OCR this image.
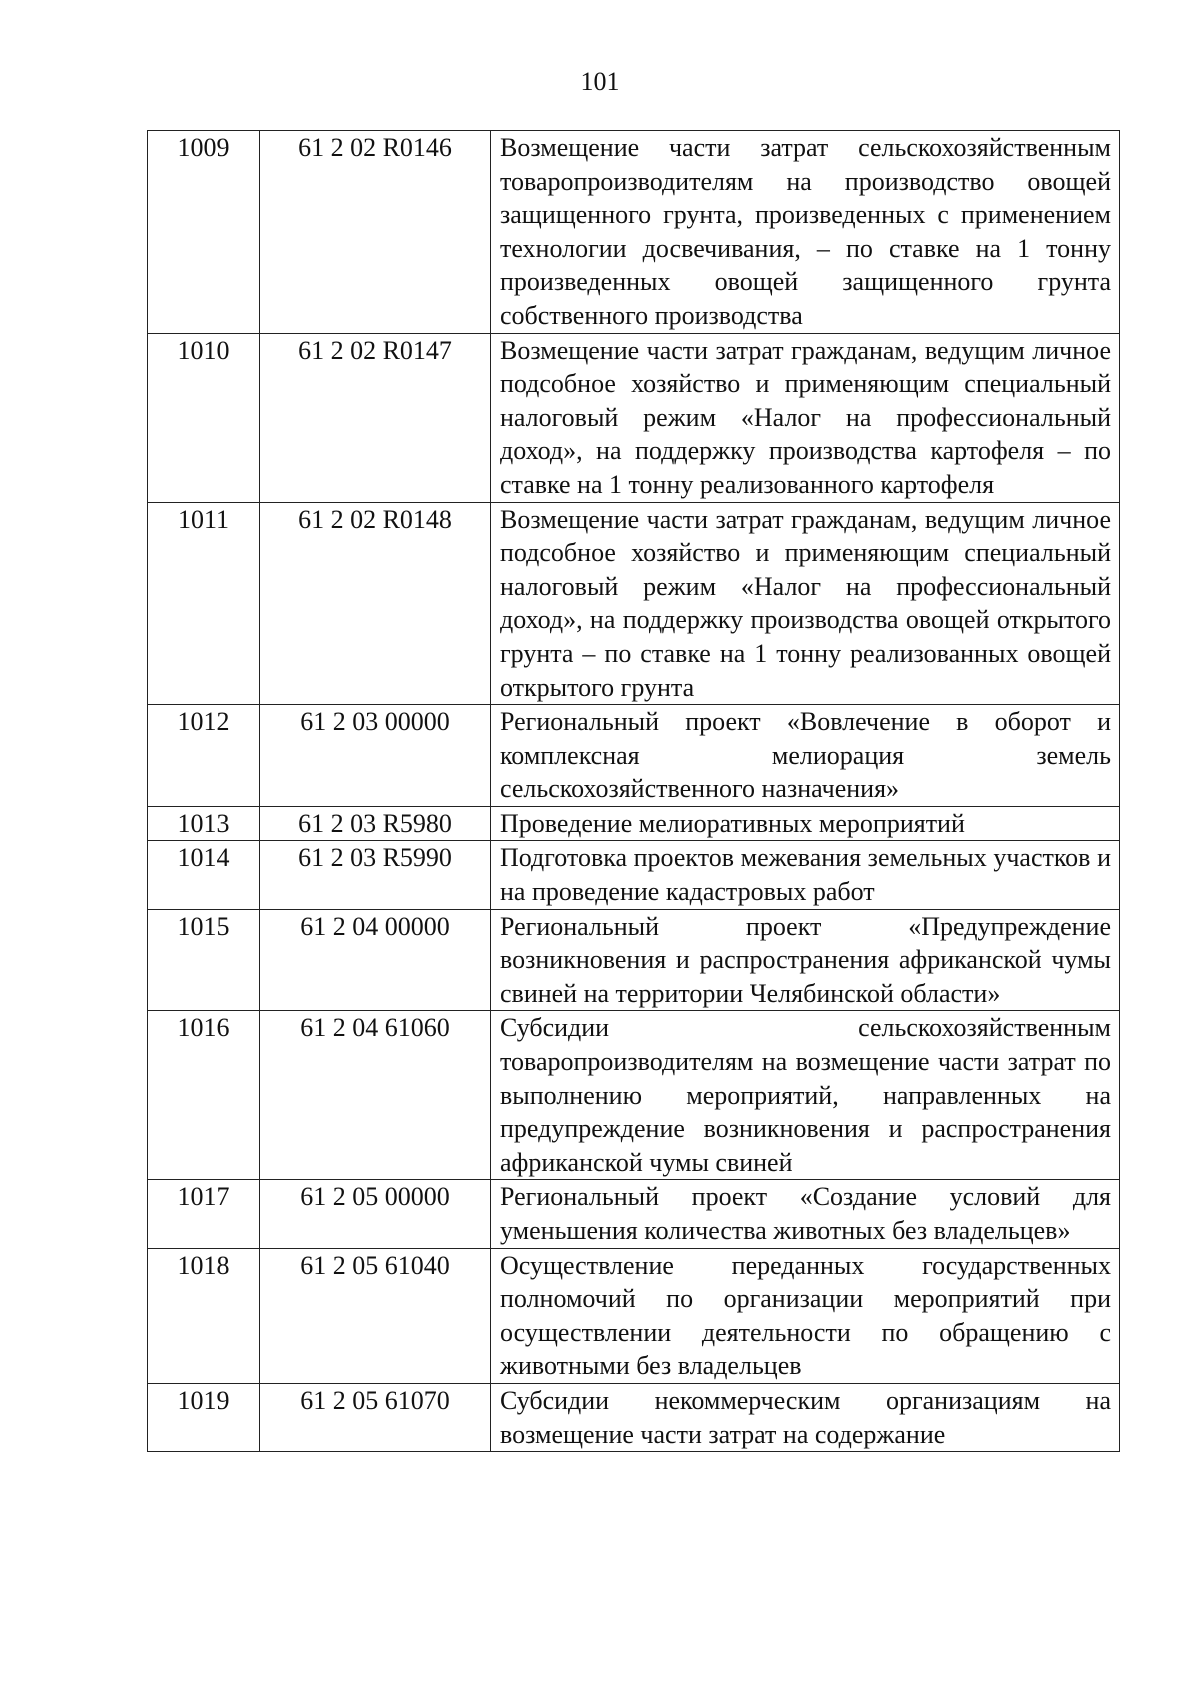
101
1009	61 2 02 R0146	Возмещение части затрат сельскохозяйственным товаропроизводителям на производство овощей защищенного грунта, произведенных с применением технологии досвечивания, – по ставке на 1 тонну произведенных овощей защищенного грунта собственного производства
1010	61 2 02 R0147	Возмещение части затрат гражданам, ведущим личное подсобное хозяйство и применяющим специальный налоговый режим «Налог на профессиональный доход», на поддержку производства картофеля – по ставке на 1 тонну реализованного картофеля
1011	61 2 02 R0148	Возмещение части затрат гражданам, ведущим личное подсобное хозяйство и применяющим специальный налоговый режим «Налог на профессиональный доход», на поддержку производства овощей открытого грунта – по ставке на 1 тонну реализованных овощей открытого грунта
1012	61 2 03 00000	Региональный проект «Вовлечение в оборот и комплексная мелиорация земель сельскохозяйственного назначения»
1013	61 2 03 R5980	Проведение мелиоративных мероприятий
1014	61 2 03 R5990	Подготовка проектов межевания земельных участков и на проведение кадастровых работ
1015	61 2 04 00000	Региональный проект «Предупреждение возникновения и распространения африканской чумы свиней на территории Челябинской области»
1016	61 2 04 61060	Субсидии сельскохозяйственным товаропроизводителям на возмещение части затрат по выполнению мероприятий, направленных на предупреждение возникновения и распространения африканской чумы свиней
1017	61 2 05 00000	Региональный проект «Создание условий для уменьшения количества животных без владельцев»
1018	61 2 05 61040	Осуществление переданных государственных полномочий по организации мероприятий при осуществлении деятельности по обращению с животными без владельцев
1019	61 2 05 61070	Субсидии некоммерческим организациям на возмещение части затрат на содержание
